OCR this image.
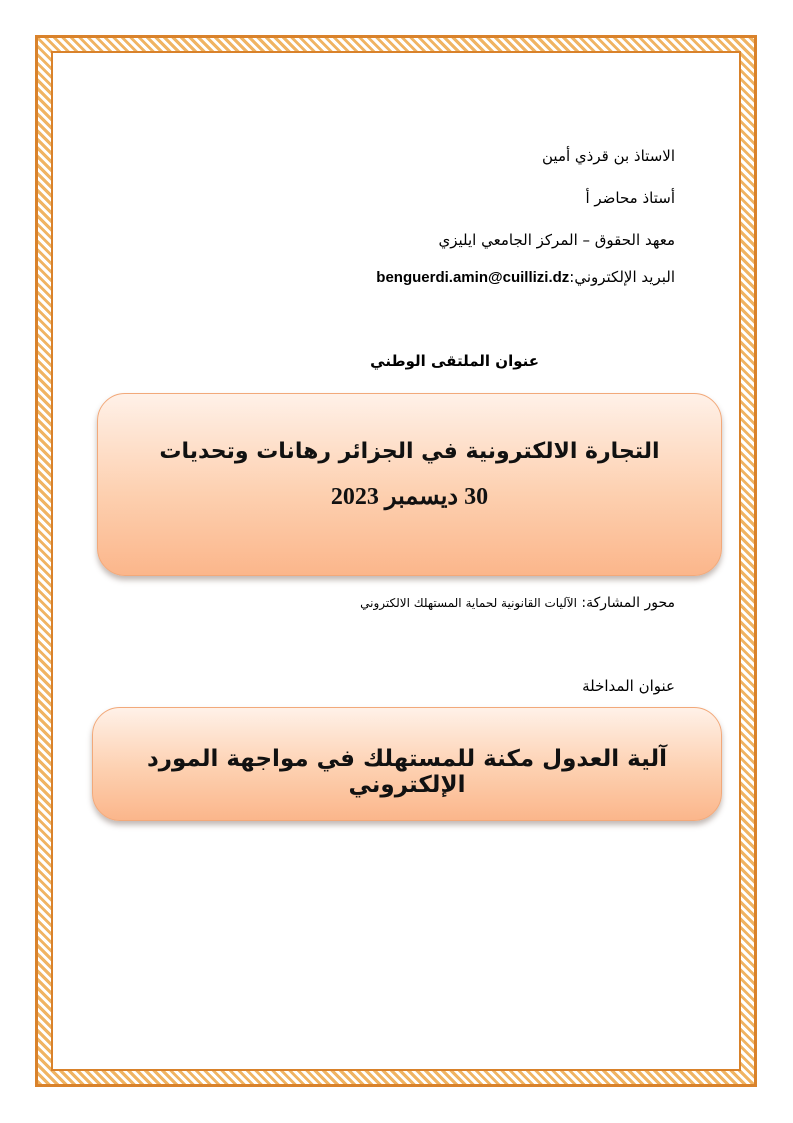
الاستاذ بن قرذي أمين
أستاذ محاضر أ
معهد الحقوق – المركز الجامعي ايليزي
البريد الإلكتروني:benguerdi.amin@cuillizi.dz
عنوان الملتقى الوطني
التجارة الالكترونية في الجزائر رهانات وتحديات
30 ديسمبر 2023
محور المشاركة: الآليات القانونية لحماية المستهلك الالكتروني
عنوان المداخلة
آلية العدول مكنة للمستهلك في مواجهة المورد الإلكتروني
